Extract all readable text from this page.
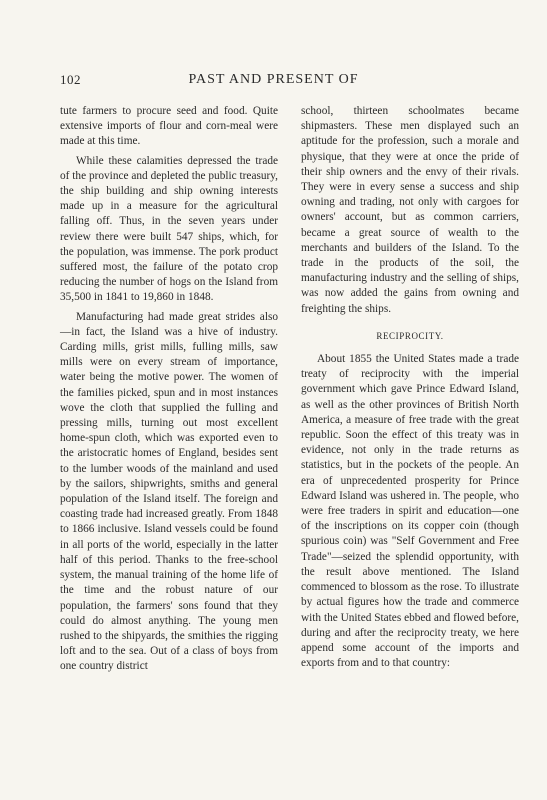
102	PAST AND PRESENT OF

tute farmers to procure seed and food. Quite extensive imports of flour and corn-meal were made at this time.

While these calamities depressed the trade of the province and depleted the public treasury, the ship building and ship owning interests made up in a measure for the agricultural falling off. Thus, in the seven years under review there were built 547 ships, which, for the population, was immense. The pork product suffered most, the failure of the potato crop reducing the number of hogs on the Island from 35,500 in 1841 to 19,860 in 1848.

Manufacturing had made great strides also—in fact, the Island was a hive of industry. Carding mills, grist mills, fulling mills, saw mills were on every stream of importance, water being the motive power. The women of the families picked, spun and in most instances wove the cloth that supplied the fulling and pressing mills, turning out most excellent home-spun cloth, which was exported even to the aristocratic homes of England, besides sent to the lumber woods of the mainland and used by the sailors, shipwrights, smiths and general population of the Island itself. The foreign and coasting trade had increased greatly. From 1848 to 1866 inclusive. Island vessels could be found in all ports of the world, especially in the latter half of this period. Thanks to the free-school system, the manual training of the home life of the time and the robust nature of our population, the farmers' sons found that they could do almost anything. The young men rushed to the shipyards, the smithies the rigging loft and to the sea. Out of a class of boys from one country district

school, thirteen schoolmates became shipmasters. These men displayed such an aptitude for the profession, such a morale and physique, that they were at once the pride of their ship owners and the envy of their rivals. They were in every sense a success and ship owning and trading, not only with cargoes for owners' account, but as common carriers, became a great source of wealth to the merchants and builders of the Island. To the trade in the products of the soil, the manufacturing industry and the selling of ships, was now added the gains from owning and freighting the ships.

RECIPROCITY.

About 1855 the United States made a trade treaty of reciprocity with the imperial government which gave Prince Edward Island, as well as the other provinces of British North America, a measure of free trade with the great republic. Soon the effect of this treaty was in evidence, not only in the trade returns as statistics, but in the pockets of the people. An era of unprecedented prosperity for Prince Edward Island was ushered in. The people, who were free traders in spirit and education—one of the inscriptions on its copper coin (though spurious coin) was "Self Government and Free Trade"—seized the splendid opportunity, with the result above mentioned. The Island commenced to blossom as the rose. To illustrate by actual figures how the trade and commerce with the United States ebbed and flowed before, during and after the reciprocity treaty, we here append some account of the imports and exports from and to that country:
